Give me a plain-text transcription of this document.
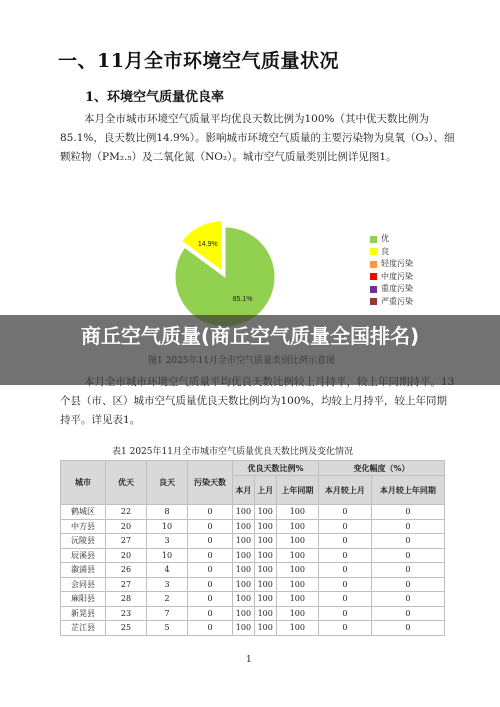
一、11月全市环境空气质量状况
1、环境空气质量优良率
本月全市城市环境空气质量平均优良天数比例为100%（其中优天数比例为85.1%，良天数比例14.9%）。影响城市环境空气质量的主要污染物为臭氧（O₃）、细颗粒物（PM₂.₅）及二氧化氮（NO₂）。城市空气质量类别比例详见图1。
14.9%
85.1%
优
良
轻度污染
中度污染
重度污染
严重污染
个县（市、区）城市空气质量优良天数比例均为100%，均较上月持平，较上年同期持平。详见表1。
表1 2025年11月全市城市空气质量优良天数比例及变化情况
城市	优天	良天	污染天数	优良天数比例%			变化幅度（%）	
				本月	上月	上年同期	本月较上月	本月较上年同期
鹤城区	22	8	0	100	100	100	0	0
中方县	20	10	0	100	100	100	0	0
沅陵县	27	3	0	100	100	100	0	0
辰溪县	20	10	0	100	100	100	0	0
溆浦县	26	4	0	100	100	100	0	0
会同县	27	3	0	100	100	100	0	0
麻阳县	28	2	0	100	100	100	0	0
新晃县	23	7	0	100	100	100	0	0
芷江县	25	5	0	100	100	100	0	0
1
商丘空气质量(商丘空气质量全国排名)
